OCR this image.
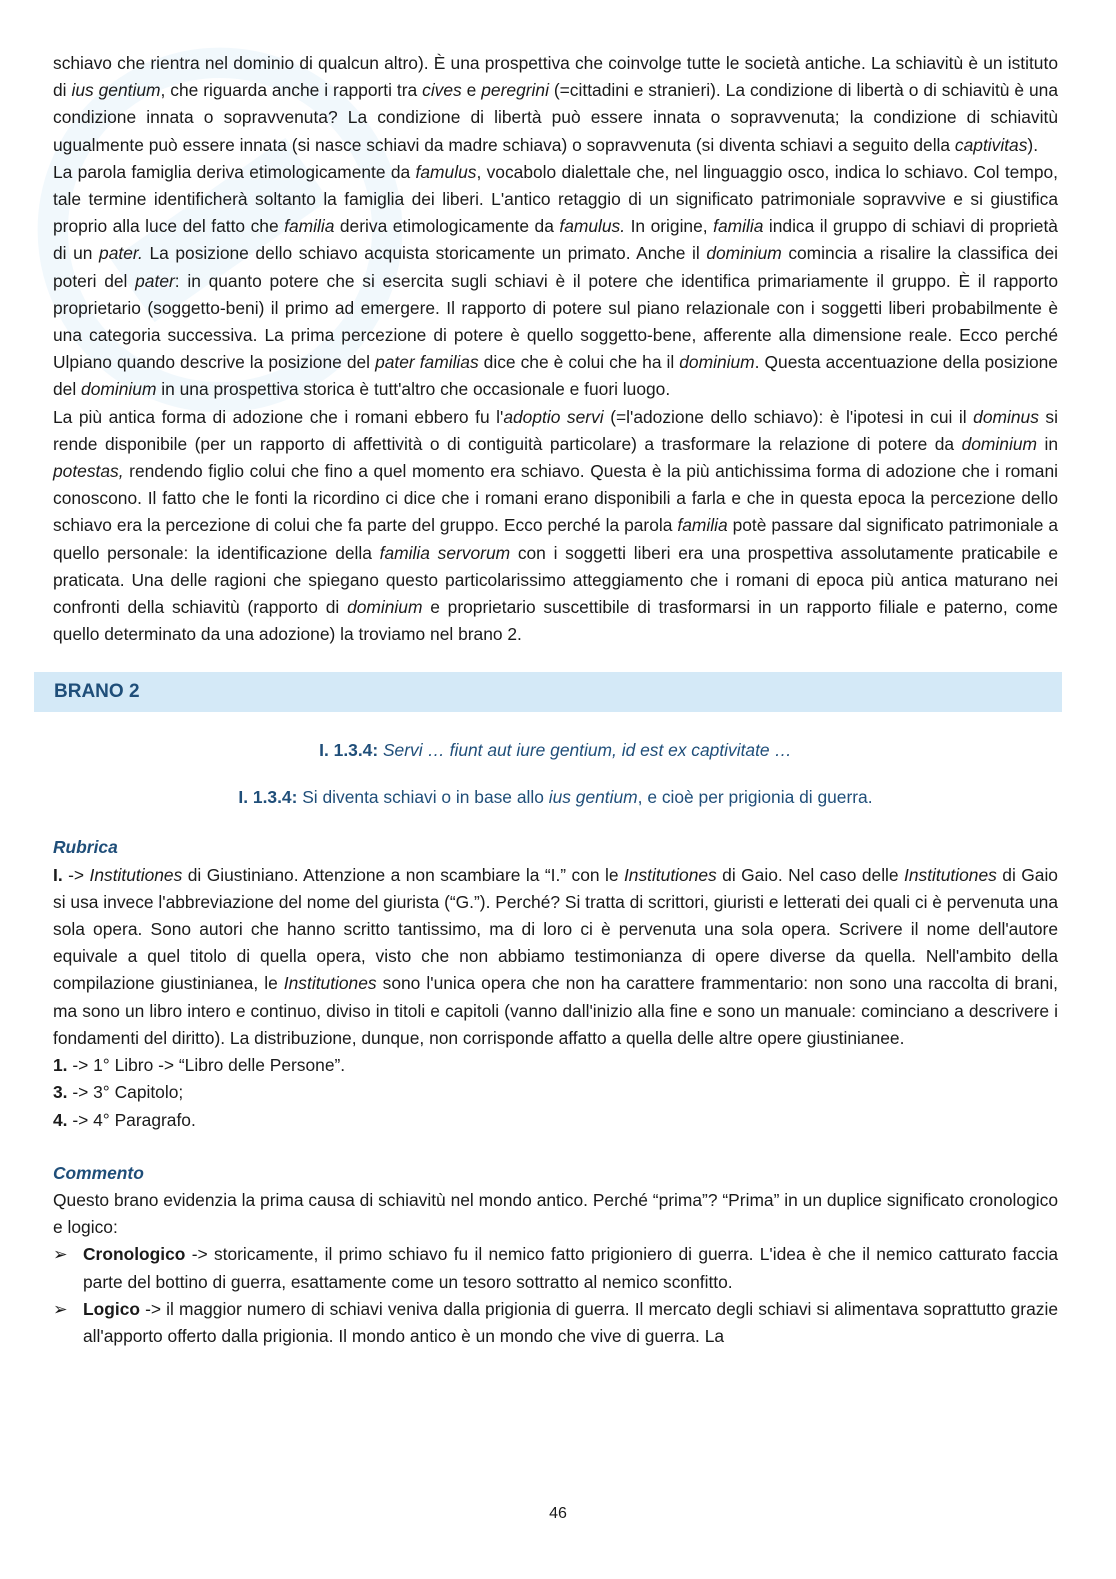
schiavo che rientra nel dominio di qualcun altro). È una prospettiva che coinvolge tutte le società antiche. La schiavitù è un istituto di ius gentium, che riguarda anche i rapporti tra cives e peregrini (=cittadini e stranieri). La condizione di libertà o di schiavitù è una condizione innata o sopravvenuta? La condizione di libertà può essere innata o sopravvenuta; la condizione di schiavitù ugualmente può essere innata (si nasce schiavi da madre schiava) o sopravvenuta (si diventa schiavi a seguito della captivitas).

La parola famiglia deriva etimologicamente da famulus, vocabolo dialettale che, nel linguaggio osco, indica lo schiavo. Col tempo, tale termine identificherà soltanto la famiglia dei liberi. L'antico retaggio di un significato patrimoniale sopravvive e si giustifica proprio alla luce del fatto che familia deriva etimologicamente da famulus. In origine, familia indica il gruppo di schiavi di proprietà di un pater. La posizione dello schiavo acquista storicamente un primato. Anche il dominium comincia a risalire la classifica dei poteri del pater: in quanto potere che si esercita sugli schiavi è il potere che identifica primariamente il gruppo. È il rapporto proprietario (soggetto-beni) il primo ad emergere. Il rapporto di potere sul piano relazionale con i soggetti liberi probabilmente è una categoria successiva. La prima percezione di potere è quello soggetto-bene, afferente alla dimensione reale. Ecco perché Ulpiano quando descrive la posizione del pater familias dice che è colui che ha il dominium. Questa accentuazione della posizione del dominium in una prospettiva storica è tutt'altro che occasionale e fuori luogo.

La più antica forma di adozione che i romani ebbero fu l'adoptio servi (=l'adozione dello schiavo): è l'ipotesi in cui il dominus si rende disponibile (per un rapporto di affettività o di contiguità particolare) a trasformare la relazione di potere da dominium in potestas, rendendo figlio colui che fino a quel momento era schiavo. Questa è la più antichissima forma di adozione che i romani conoscono. Il fatto che le fonti la ricordino ci dice che i romani erano disponibili a farla e che in questa epoca la percezione dello schiavo era la percezione di colui che fa parte del gruppo. Ecco perché la parola familia potè passare dal significato patrimoniale a quello personale: la identificazione della familia servorum con i soggetti liberi era una prospettiva assolutamente praticabile e praticata. Una delle ragioni che spiegano questo particolarissimo atteggiamento che i romani di epoca più antica maturano nei confronti della schiavitù (rapporto di dominium e proprietario suscettibile di trasformarsi in un rapporto filiale e paterno, come quello determinato da una adozione) la troviamo nel brano 2.

BRANO 2
I. 1.3.4: Servi … fiunt aut iure gentium, id est ex captivitate …
I. 1.3.4: Si diventa schiavi o in base allo ius gentium, e cioè per prigionia di guerra.
Rubrica

I. -> Institutiones di Giustiniano. Attenzione a non scambiare la “I.” con le Institutiones di Gaio. Nel caso delle Institutiones di Gaio si usa invece l'abbreviazione del nome del giurista (“G.”). Perché? Si tratta di scrittori, giuristi e letterati dei quali ci è pervenuta una sola opera. Sono autori che hanno scritto tantissimo, ma di loro ci è pervenuta una sola opera. Scrivere il nome dell'autore equivale a quel titolo di quella opera, visto che non abbiamo testimonianza di opere diverse da quella. Nell'ambito della compilazione giustinianea, le Institutiones sono l'unica opera che non ha carattere frammentario: non sono una raccolta di brani, ma sono un libro intero e continuo, diviso in titoli e capitoli (vanno dall'inizio alla fine e sono un manuale: cominciano a descrivere i fondamenti del diritto). La distribuzione, dunque, non corrisponde affatto a quella delle altre opere giustinianee.

1. -> 1° Libro -> “Libro delle Persone”.

3. -> 3° Capitolo;

4. -> 4° Paragrafo.

Commento

Questo brano evidenzia la prima causa di schiavitù nel mondo antico. Perché “prima”? “Prima” in un duplice significato cronologico e logico:

➢ Cronologico -> storicamente, il primo schiavo fu il nemico fatto prigioniero di guerra. L'idea è che il nemico catturato faccia parte del bottino di guerra, esattamente come un tesoro sottratto al nemico sconfitto.
➢ Logico -> il maggior numero di schiavi veniva dalla prigionia di guerra. Il mercato degli schiavi si alimentava soprattutto grazie all'apporto offerto dalla prigionia. Il mondo antico è un mondo che vive di guerra. La
46
